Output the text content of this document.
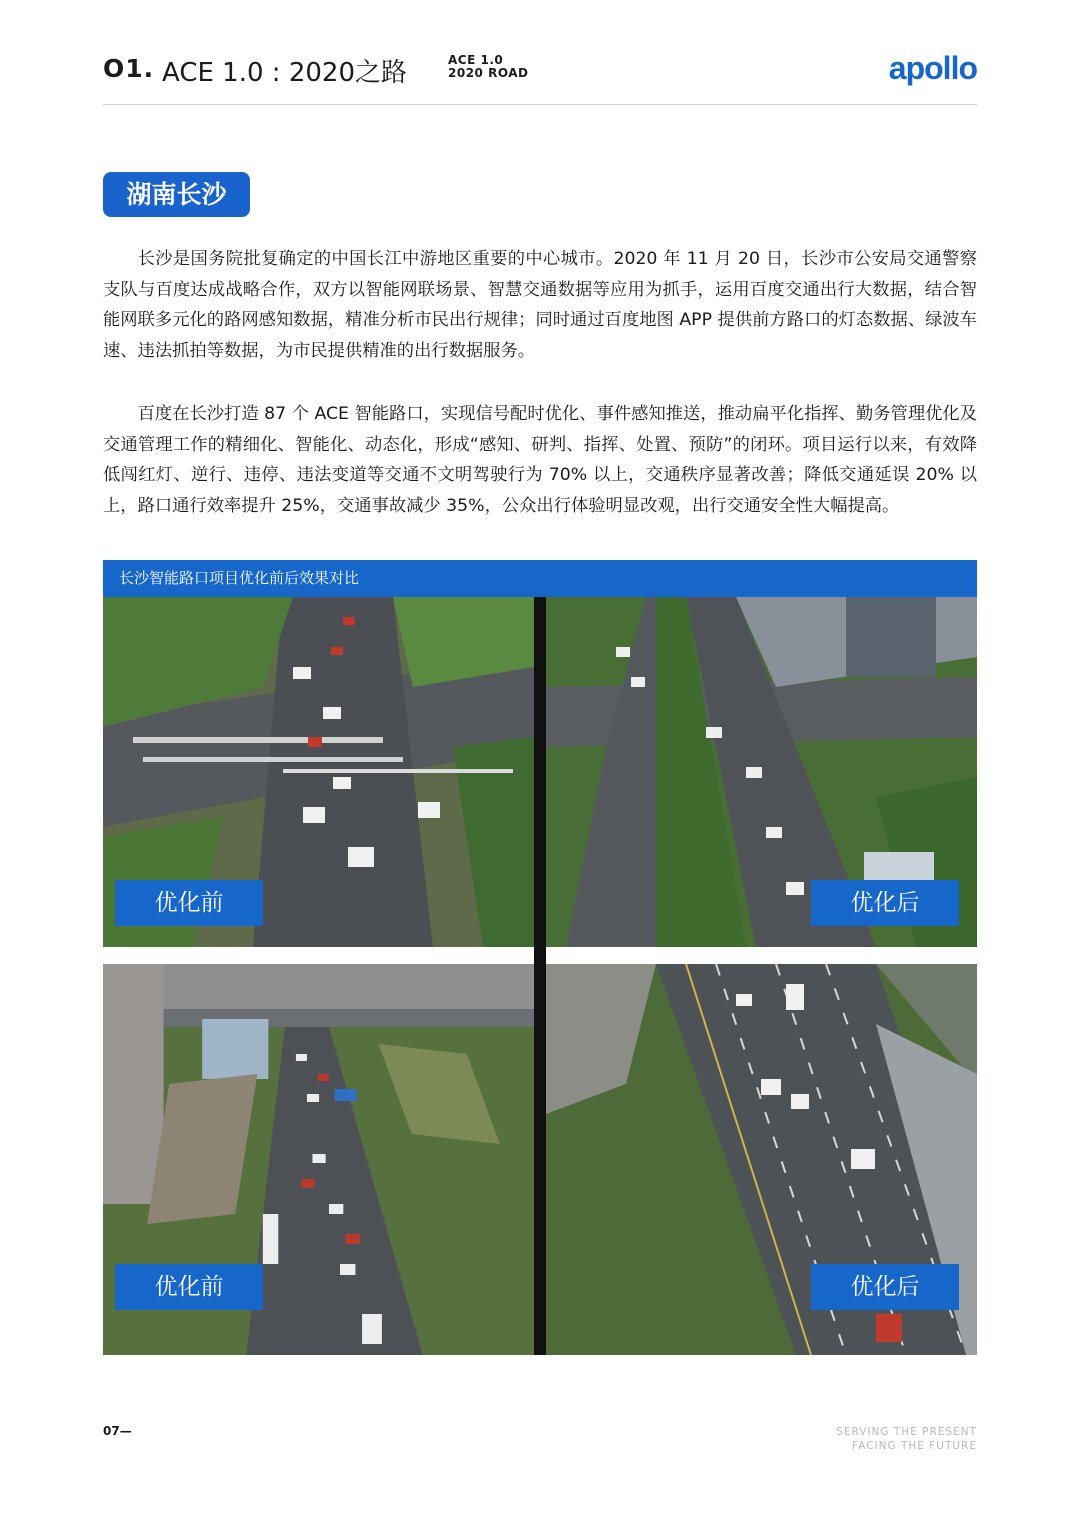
O1. ACE 1.0 : 2020之路	ACE 1.0
2020 ROAD	apollo
湖南长沙

长沙是国务院批复确定的中国长江中游地区重要的中心城市。2020 年 11 月 20 日，长沙市公安局交通警察支队与百度达成战略合作，双方以智能网联场景、智慧交通数据等应用为抓手，运用百度交通出行大数据，结合智能网联多元化的路网感知数据，精准分析市民出行规律；同时通过百度地图 APP 提供前方路口的灯态数据、绿波车速、违法抓拍等数据，为市民提供精准的出行数据服务。

百度在长沙打造 87 个 ACE 智能路口，实现信号配时优化、事件感知推送，推动扁平化指挥、勤务管理优化及交通管理工作的精细化、智能化、动态化，形成“感知、研判、指挥、处置、预防”的闭环。项目运行以来，有效降低闯红灯、逆行、违停、违法变道等交通不文明驾驶行为 70% 以上，交通秩序显著改善；降低交通延误 20% 以上，路口通行效率提升 25%，交通事故减少 35%，公众出行体验明显改观，出行交通安全性大幅提高。

长沙智能路口项目优化前后效果对比
优化前	优化后
优化前	优化后
07—	SERVING THE PRESENT
FACING THE FUTURE
